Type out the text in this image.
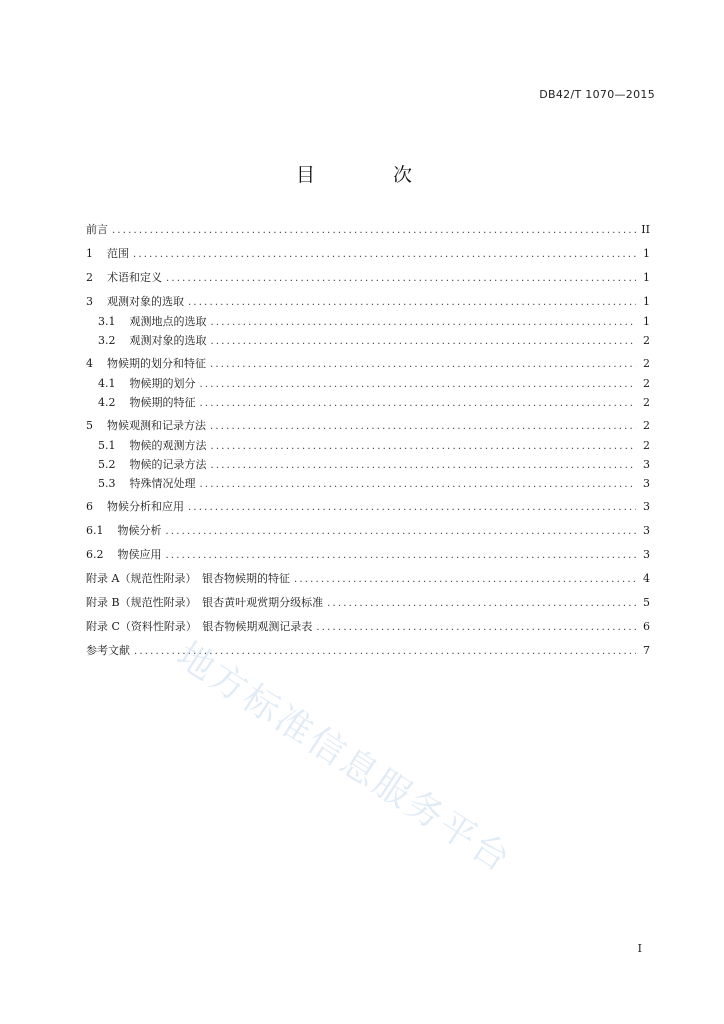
DB42/T 1070—2015
目 次
前言 .....	II
1 范围 .....	1
2 术语和定义 .....	1
3 观测对象的选取 .....	1
3.1 观测地点的选取 .....	1
3.2 观测对象的选取 .....	2
4 物候期的划分和特征 .....	2
4.1 物候期的划分 .....	2
4.2 物候期的特征 .....	2
5 物候观测和记录方法 .....	2
5.1 物候的观测方法 .....	2
5.2 物候的记录方法 .....	3
5.3 特殊情况处理 .....	3
6 物候分析和应用 .....	3
6.1 物候分析 .....	3
6.2 物侯应用 .....	3
附录 A（规范性附录）　银杏物候期的特征 .....	4
附录 B（规范性附录）　银杏黄叶观赏期分级标准 .....	5
附录 C（资料性附录）　银杏物候期观测记录表 .....	6
参考文献 .....	7
地方标准信息服务平台
I
